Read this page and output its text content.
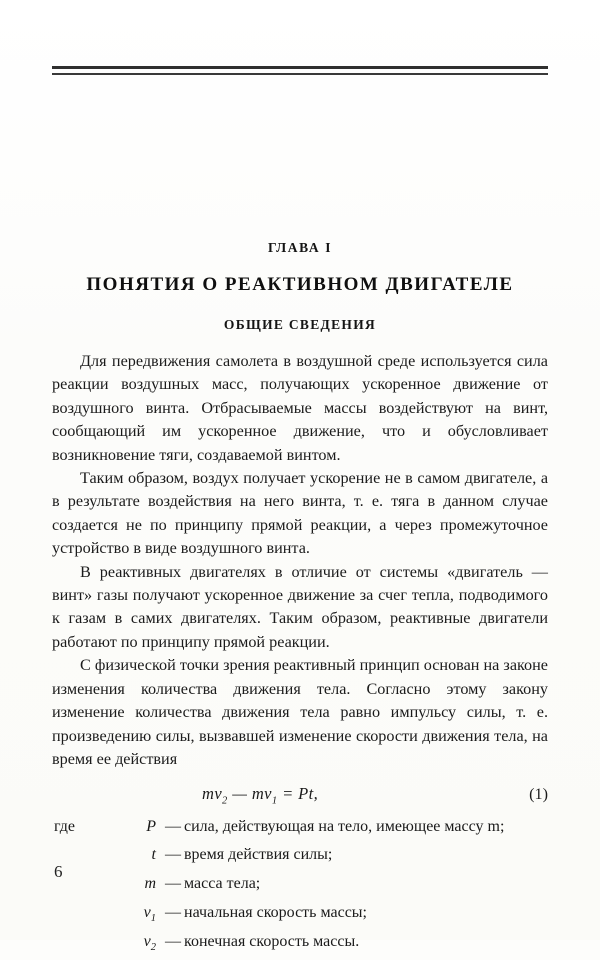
ГЛАВА I
ПОНЯТИЯ О РЕАКТИВНОМ ДВИГАТЕЛЕ
ОБЩИЕ СВЕДЕНИЯ

Для передвижения самолета в воздушной среде используется сила реакции воздушных масс, получающих ускоренное движение от воздушного винта. Отбрасываемые массы воздействуют на винт, сообщающий им ускоренное движение, что и обусловливает возникновение тяги, создаваемой винтом.

Таким образом, воздух получает ускорение не в самом двигателе, а в результате воздействия на него винта, т. е. тяга в данном случае создается не по принципу прямой реакции, а через промежуточное устройство в виде воздушного винта.

В реактивных двигателях в отличие от системы «двигатель — винт» газы получают ускоренное движение за счег тепла, подводимого к газам в самих двигателях. Таким образом, реактивные двигатели работают по принципу прямой реакции.

С физической точки зрения реактивный принцип основан на законе изменения количества движения тела. Согласно этому закону изменение количества движения тела равно импульсу силы, т. е. произведению силы, вызвавшей изменение скорости движения тела, на время ее действия

$mv_2$ — $mv_1 = Pt$,	(1)
где	P — сила, действующая на тело, имеющее массу m;
t — время действия силы;
m — масса тела;
$v_1$ — начальная скорость массы;
$v_2$ — конечная скорость массы.
6
